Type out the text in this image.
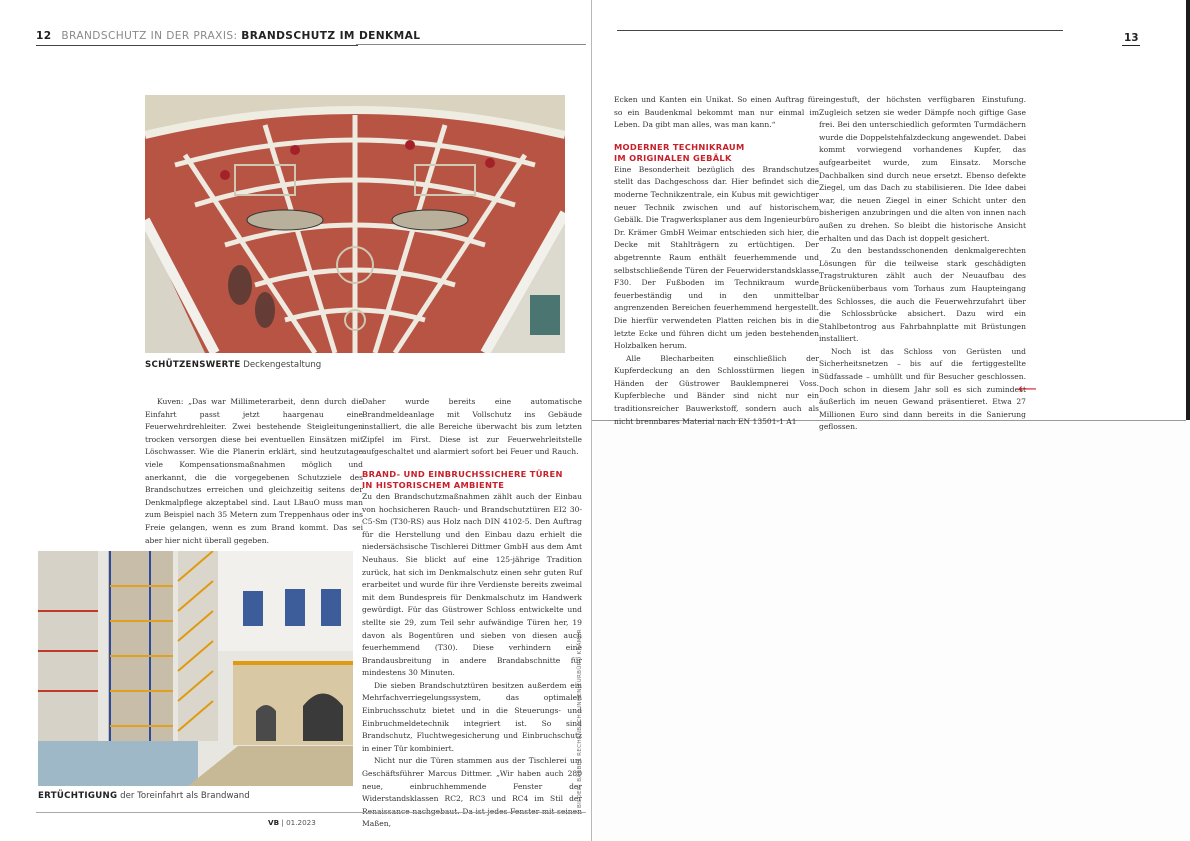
12 BRANDSCHUTZ IN DER PRAXIS: BRANDSCHUTZ IM DENKMAL	13
SCHÜTZENSWERTE Deckengestaltung

Kuven: „Das war Millimeterarbeit, denn durch die Einfahrt passt jetzt haargenau eine Feuerwehrdrehleiter. Zwei bestehende Steigleitungen trocken versorgen diese bei eventuellen Einsätzen mit Löschwasser. Wie die Planerin erklärt, sind heutzutage viele Kompensationsmaßnahmen möglich und anerkannt, die die vorgegebenen Schutzziele des Brandschutzes erreichen und gleichzeitig seitens der Denkmalpflege akzeptabel sind. Laut LBauO muss man zum Beispiel nach 35 Metern zum Treppenhaus oder ins Freie gelangen, wenn es zum Brand kommt. Das sei aber hier nicht überall gegeben.

Daher wurde bereits eine automatische Brandmeldeanlage mit Vollschutz ins Gebäude installiert, die alle Bereiche überwacht bis zum letzten Zipfel im First. Diese ist zur Feuerwehrleitstelle aufgeschaltet und alarmiert sofort bei Feuer und Rauch.

BRAND- UND EINBRUCHSSICHERE TÜREN
IN HISTORISCHEM AMBIENTE

Zu den Brandschutzmaßnahmen zählt auch der Einbau von hochsicheren Rauch- und Brandschutztüren EI2 30-C5-Sm (T30-RS) aus Holz nach DIN 4102-5. Den Auftrag für die Herstellung und den Einbau dazu erhielt die niedersächsische Tischlerei Dittmer GmbH aus dem Amt Neuhaus. Sie blickt auf eine 125-jährige Tradition zurück, hat sich im Denkmalschutz einen sehr guten Ruf erarbeitet und wurde für ihre Verdienste bereits zweimal mit dem Bundespreis für Denkmalschutz im Handwerk gewürdigt. Für das Güstrower Schloss entwickelte und stellte sie 29, zum Teil sehr aufwändige Türen her, 19 davon als Bogentüren und sieben von diesen auch feuerhemmend (T30). Diese verhindern eine Brandausbreitung in andere Brandabschnitte für mindestens 30 Minuten.

Die sieben Brandschutztüren besitzen außerdem ein Mehrfachverriegelungssystem, das optimalen Einbruchsschutz bietet und in die Steuerungs- und Einbruchmeldetechnik integriert ist. So sind Brandschutz, Fluchtwegesicherung und Einbruchschutz in einer Tür kombiniert.

Nicht nur die Türen stammen aus der Tischlerei um Geschäftsführer Marcus Dittmer. „Wir haben auch 280 neue, einbruchhemmende Fenster der Widerstandsklassen RC2, RC3 und RC4 im Stil der Maßen,

ERTÜCHTIGUNG der Toreinfahrt als Brandwand	BILDER: BÄRBEL RECHENBACH | INGENIEURBÜRO KRÄMER
VB | 01.2023

Ecken und Kanten ein Unikat. So einen Auftrag für so ein Baudenkmal bekommt man nur einmal im Leben. Da gibt man alles, was man kann.“

MODERNER TECHNIKRAUM
IM ORIGINALEN GEBÄLK

Eine Besonderheit bezüglich des Brandschutzes stellt das Dachgeschoss dar. Hier befindet sich die moderne Technikzentrale, ein Kubus mit gewichtiger neuer Technik zwischen und auf historischem Gebälk. Die Tragwerksplaner aus dem Ingenieurbüro Dr. Krämer GmbH Weimar entschieden sich hier, die Decke mit Stahlträgern zu ertüchtigen. Der abgetrennte Raum enthält feuerhemmende und selbstschließende Türen der Feuerwiderstandsklasse F30. Der Fußboden im Technikraum wurde feuerbeständig und in den unmittelbar angrenzenden Bereichen feuerhemmend hergestellt. Die hierfür verwendeten Platten reichen bis in die letzte Ecke und führen dicht um jeden bestehenden Holzbalken herum.

Alle Blecharbeiten einschließlich der Kupferdeckung an den Schlosstürmen liegen in Händen der Güstrower Bauklempnerei Voss. Kupferbleche und Bänder sind nicht nur ein traditionsreicher Bauwerkstoff, sondern auch als nicht brennbares Material nach EN 13501-1 A1

eingestuft, der höchsten verfügbaren Einstufung. Zugleich setzen sie weder Dämpfe noch giftige Gase frei. Bei den unterschiedlich geformten Turmdächern wurde die Doppelstehfalzdeckung angewendet. Dabei kommt vorwiegend vorhandenes Kupfer, das aufgearbeitet wurde, zum Einsatz. Morsche Dachbalken sind durch neue ersetzt. Ebenso defekte Ziegel, um das Dach zu stabilisieren. Die Idee dabei war, die neuen Ziegel in einer Schicht unter den bisherigen anzubringen und die alten von innen nach außen zu drehen. So bleibt die historische Ansicht erhalten und das Dach ist doppelt gesichert.

Zu den bestandsschonenden denkmalgerechten Lösungen für die teilweise stark geschädigten Tragstrukturen zählt auch der Neuaufbau des Brückenüberbaus vom Torhaus zum Haupteingang des Schlosses, die auch die Feuerwehrzufahrt über die Schlossbrücke absichert. Dazu wird ein Stahlbetontrog aus Fahrbahnplatte mit Brüstungen installiert.

Noch ist das Schloss von Gerüsten und Sicherheitsnetzen – bis auf die fertiggestellte Südfassade – umhüllt und für Besucher geschlossen. Doch schon in diesem Jahr soll es sich zumindest äußerlich im neuen Gewand präsentieret. Etwa 27 Millionen Euro sind dann bereits in die Sanierung geflossen.

⟵
